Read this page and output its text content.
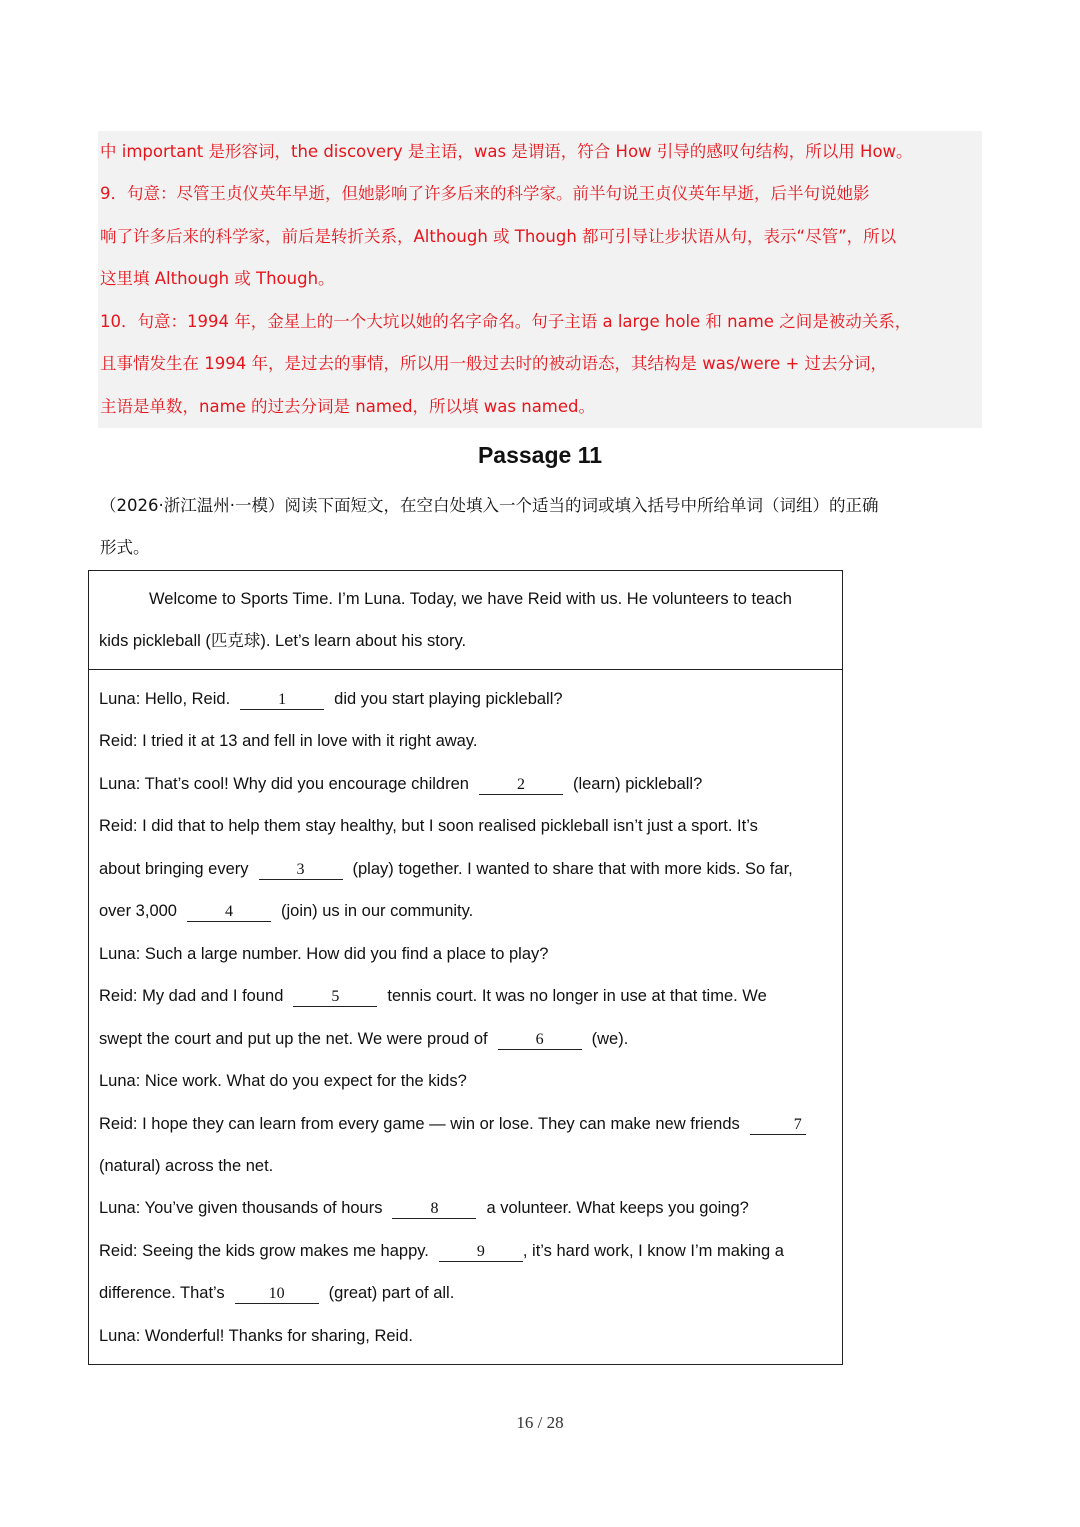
中 important 是形容词，the discovery 是主语，was 是谓语，符合 How 引导的感叹句结构，所以用 How。
9．句意：尽管王贞仪英年早逝，但她影响了许多后来的科学家。前半句说王贞仪英年早逝，后半句说她影
响了许多后来的科学家，前后是转折关系，Although 或 Though 都可引导让步状语从句，表示“尽管”，所以
这里填 Although 或 Though。
10．句意：1994 年，金星上的一个大坑以她的名字命名。句子主语 a large hole 和 name 之间是被动关系，
且事情发生在 1994 年，是过去的事情，所以用一般过去时的被动语态，其结构是 was/were + 过去分词，
主语是单数，name 的过去分词是 named，所以填 was named。
Passage 11
（2026·浙江温州·一模）阅读下面短文，在空白处填入一个适当的词或填入括号中所给单词（词组）的正确
形式。
Welcome to Sports Time. I’m Luna. Today, we have Reid with us. He volunteers to teach
kids pickleball (匹克球). Let’s learn about his story.
Luna: Hello, Reid.	1	did you start playing pickleball?
Reid: I tried it at 13 and fell in love with it right away.
Luna: That’s cool! Why did you encourage children	2	(learn) pickleball?
Reid: I did that to help them stay healthy, but I soon realised pickleball isn’t just a sport. It’s
about bringing every	3	(play) together. I wanted to share that with more kids. So far,
over 3,000	4	(join) us in our community.
Luna: Such a large number. How did you find a place to play?
Reid: My dad and I found	5	tennis court. It was no longer in use at that time. We
swept the court and put up the net. We were proud of	6	(we).
Luna: Nice work. What do you expect for the kids?
Reid: I hope they can learn from every game — win or lose. They can make new friends	7
(natural) across the net.
Luna: You’ve given thousands of hours	8	a volunteer. What keeps you going?
Reid: Seeing the kids grow makes me happy.	9 , it’s hard work, I know I’m making a
difference. That’s	10	(great) part of all.
Luna: Wonderful! Thanks for sharing, Reid.
16 / 28
